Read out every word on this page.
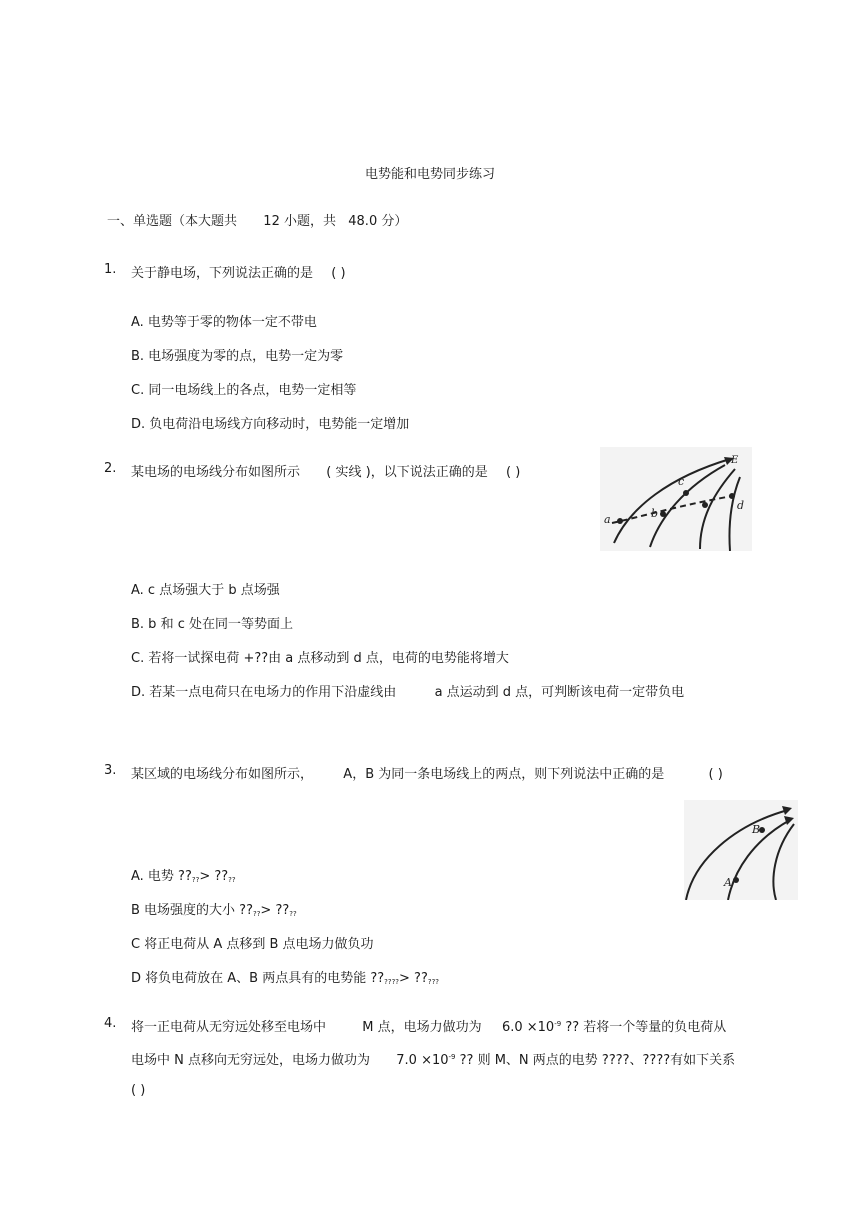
电势能和电势同步练习
一、单选题（本大题共 12 小题，共 48.0 分）
1. 关于静电场，下列说法正确的是 ( )
A. 电势等于零的物体一定不带电
B. 电场强度为零的点，电势一定为零
C. 同一电场线上的各点，电势一定相等
D. 负电荷沿电场线方向移动时，电势能一定增加
2. 某电场的电场线分布如图所示 ( 实线 )，以下说法正确的是 ( )
a	b
c
d
E
A. c 点场强大于 b 点场强
B. b 和 c 处在同一等势面上
C. 若将一试探电荷 +??由 a 点移动到 d 点，电荷的电势能将增大
D. 若某一点电荷只在电场力的作用下沿虚线由	a 点运动到 d 点，可判断该电荷一定带负电
3. 某区域的电场线分布如图所示， A，B 为同一条电场线上的两点，则下列说法中正确的是	( )
A
B
A. 电势 $??_{??}>$ $??_{??}$
B 电场强度的大小 $??_{??}>$ $??_{??}$
C 将正电荷从 A 点移到 B 点电场力做负功
D 将负电荷放在 A、B 两点具有的电势能 $??_{????}>$ $??_{???}$
4. 将一正电荷从无穷远处移至电场中	M 点，电场力做功为 $6.0 \times 10^{-9}$ ?? 若将一个等量的负电荷从
电场中 N 点移向无穷远处，电场力做功为 $7.0 \times 10^{-9}$ ?? 则 M、N 两点的电势 ????、????有如下关系
( )
